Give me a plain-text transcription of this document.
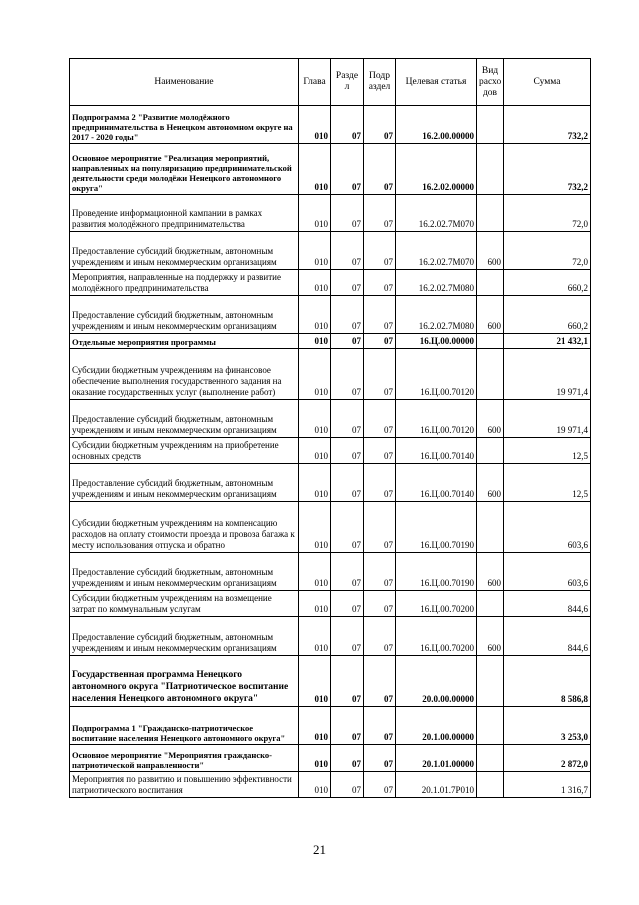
Наименование	Глава	Разде л	Подр аздел	Целевая статья	Вид расхо дов	Сумма
Подпрограмма 2 "Развитие молодёжного предпринимательства в Ненецком автономном округе на 2017 - 2020 годы"	010	07	07	16.2.00.00000		732,2
Основное мероприятие "Реализация мероприятий, направленных на популяризацию предпринимательской деятельности среди молодёжи Ненецкого автономного округа"	010	07	07	16.2.02.00000		732,2
Проведение информационной кампании в рамках развития молодёжного предпринимательства	010	07	07	16.2.02.7М070		72,0
Предоставление субсидий бюджетным, автономным учреждениям и иным некоммерческим организациям	010	07	07	16.2.02.7М070	600	72,0
Мероприятия, направленные на поддержку и развитие молодёжного предпринимательства	010	07	07	16.2.02.7М080		660,2
Предоставление субсидий бюджетным, автономным учреждениям и иным некоммерческим организациям	010	07	07	16.2.02.7М080	600	660,2
Отдельные мероприятия программы	010	07	07	16.Ц.00.00000		21 432,1
Субсидии бюджетным учреждениям на финансовое обеспечение выполнения государственного задания на оказание государственных услуг (выполнение работ)	010	07	07	16.Ц.00.70120		19 971,4
Предоставление субсидий бюджетным, автономным учреждениям и иным некоммерческим организациям	010	07	07	16.Ц.00.70120	600	19 971,4
Субсидии бюджетным учреждениям на приобретение основных средств	010	07	07	16.Ц.00.70140		12,5
Предоставление субсидий бюджетным, автономным учреждениям и иным некоммерческим организациям	010	07	07	16.Ц.00.70140	600	12,5
Субсидии бюджетным учреждениям на компенсацию расходов на оплату стоимости проезда и провоза багажа к месту использования отпуска и обратно	010	07	07	16.Ц.00.70190		603,6
Предоставление субсидий бюджетным, автономным учреждениям и иным некоммерческим организациям	010	07	07	16.Ц.00.70190	600	603,6
Субсидии бюджетным учреждениям на возмещение затрат по коммунальным услугам	010	07	07	16.Ц.00.70200		844,6
Предоставление субсидий бюджетным, автономным учреждениям и иным некоммерческим организациям	010	07	07	16.Ц.00.70200	600	844,6
Государственная программа Ненецкого автономного округа "Патриотическое воспитание населения Ненецкого автономного округа"	010	07	07	20.0.00.00000		8 586,8
Подпрограмма 1 "Гражданско-патриотическое воспитание населения Ненецкого автономного округа"	010	07	07	20.1.00.00000		3 253,0
Основное мероприятие "Мероприятия гражданско-патриотической направленности"	010	07	07	20.1.01.00000		2 872,0
Мероприятия по развитию и повышению эффективности патриотического воспитания	010	07	07	20.1.01.7Р010		1 316,7
21
